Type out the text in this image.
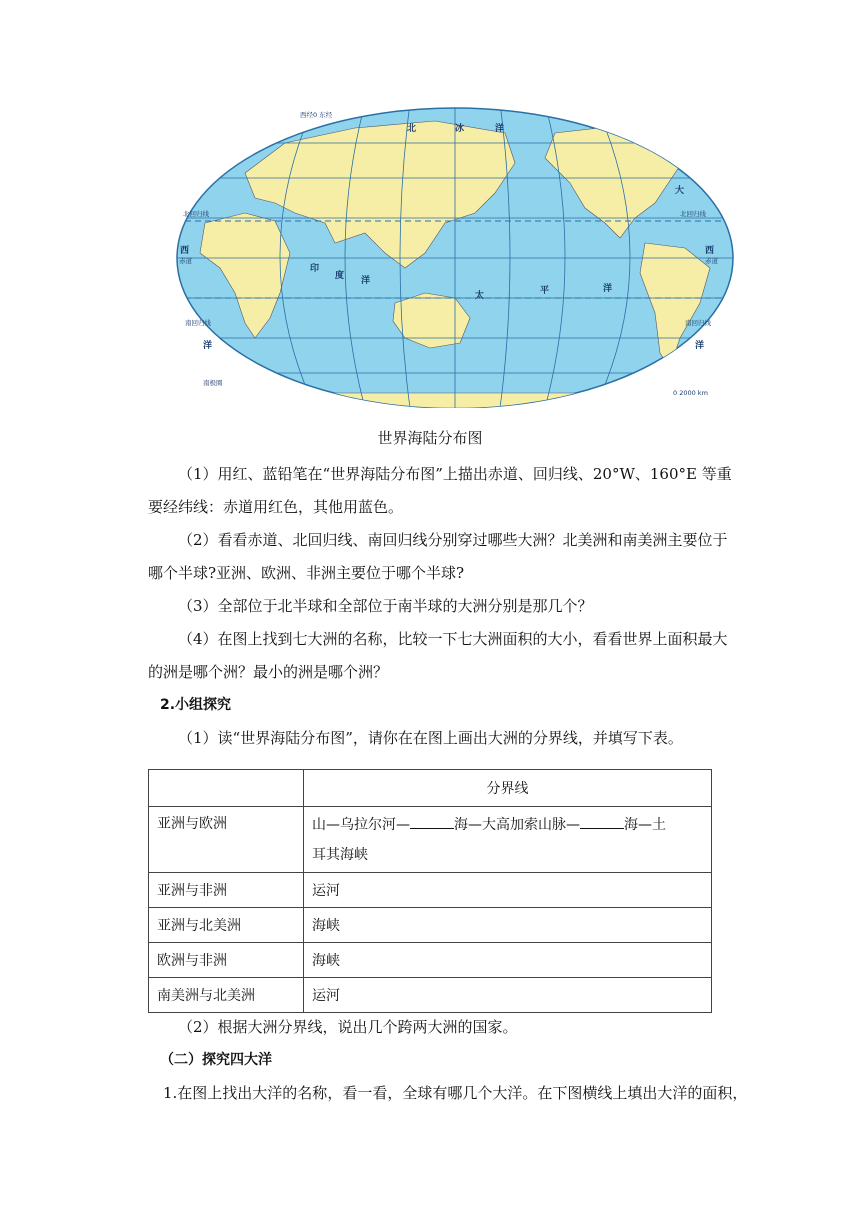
北	冰	洋
太	平	洋
印
度 洋
大
西
洋
西
洋
赤道	赤道
北回归线	北回归线
南回归线	南回归线
南极圈
西经0 东经
0 2000 km
世界海陆分布图
（1）用红、蓝铅笔在“世界海陆分布图”上描出赤道、回归线、20°W、160°E 等重要经纬线：赤道用红色，其他用蓝色。
（2）看看赤道、北回归线、南回归线分别穿过哪些大洲？北美洲和南美洲主要位于哪个半球?亚洲、欧洲、非洲主要位于哪个半球?
（3）全部位于北半球和全部位于南半球的大洲分别是那几个？
（4）在图上找到七大洲的名称，比较一下七大洲面积的大小，看看世界上面积最大的洲是哪个洲？最小的洲是哪个洲？
2.小组探究
（1）读“世界海陆分布图”，请你在在图上画出大洲的分界线，并填写下表。
	分界线
亚洲与欧洲	山—乌拉尔河— 海—大高加索山脉— 海—土
耳其海峡
亚洲与非洲	运河
亚洲与北美洲	海峡
欧洲与非洲	海峡
南美洲与北美洲	运河
（2）根据大洲分界线，说出几个跨两大洲的国家。
（二）探究四大洋
1.在图上找出大洋的名称，看一看，全球有哪几个大洋。在下图横线上填出大洋的面积，
